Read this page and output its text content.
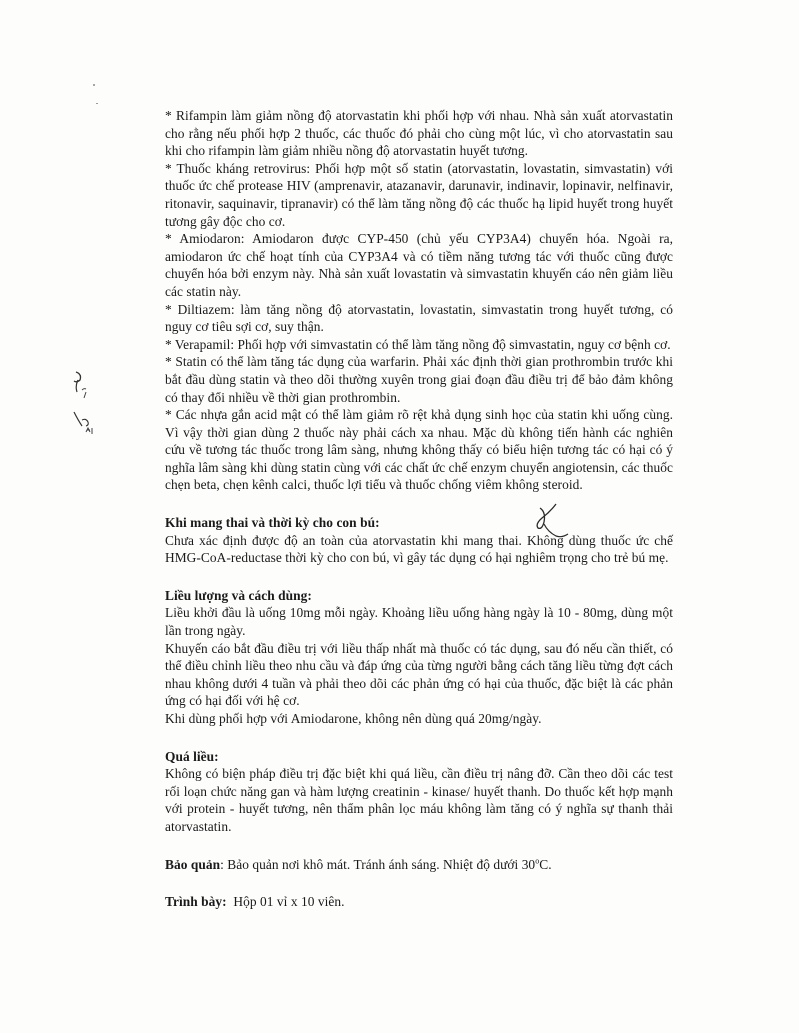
* Rifampin làm giảm nồng độ atorvastatin khi phối hợp với nhau. Nhà sản xuất atorvastatin cho rằng nếu phối hợp 2 thuốc, các thuốc đó phải cho cùng một lúc, vì cho atorvastatin sau khi cho rifampin làm giảm nhiều nồng độ atorvastatin huyết tương.

* Thuốc kháng retrovirus: Phối hợp một số statin (atorvastatin, lovastatin, simvastatin) với thuốc ức chế protease HIV (amprenavir, atazanavir, darunavir, indinavir, lopinavir, nelfinavir, ritonavir, saquinavir, tipranavir) có thể làm tăng nồng độ các thuốc hạ lipid huyết trong huyết tương gây độc cho cơ.

* Amiodaron: Amiodaron được CYP-450 (chủ yếu CYP3A4) chuyển hóa. Ngoài ra, amiodaron ức chế hoạt tính của CYP3A4 và có tiềm năng tương tác với thuốc cũng được chuyển hóa bởi enzym này. Nhà sản xuất lovastatin và simvastatin khuyến cáo nên giảm liều các statin này.

* Diltiazem: làm tăng nồng độ atorvastatin, lovastatin, simvastatin trong huyết tương, có nguy cơ tiêu sợi cơ, suy thận.

* Verapamil: Phối hợp với simvastatin có thể làm tăng nồng độ simvastatin, nguy cơ bệnh cơ.

* Statin có thể làm tăng tác dụng của warfarin. Phải xác định thời gian prothrombin trước khi bắt đầu dùng statin và theo dõi thường xuyên trong giai đoạn đầu điều trị để bảo đảm không có thay đổi nhiều về thời gian prothrombin.

* Các nhựa gắn acid mật có thể làm giảm rõ rệt khả dụng sinh học của statin khi uống cùng. Vì vậy thời gian dùng 2 thuốc này phải cách xa nhau. Mặc dù không tiến hành các nghiên cứu về tương tác thuốc trong lâm sàng, nhưng không thấy có biểu hiện tương tác có hại có ý nghĩa lâm sàng khi dùng statin cùng với các chất ức chế enzym chuyển angiotensin, các thuốc chẹn beta, chẹn kênh calci, thuốc lợi tiểu và thuốc chống viêm không steroid.

Khi mang thai và thời kỳ cho con bú:

Chưa xác định được độ an toàn của atorvastatin khi mang thai. Không dùng thuốc ức chế HMG-CoA-reductase thời kỳ cho con bú, vì gây tác dụng có hại nghiêm trọng cho trẻ bú mẹ.

Liều lượng và cách dùng:

Liều khởi đầu là uống 10mg mỗi ngày. Khoảng liều uống hàng ngày là 10 - 80mg, dùng một lần trong ngày.

Khuyến cáo bắt đầu điều trị với liều thấp nhất mà thuốc có tác dụng, sau đó nếu cần thiết, có thể điều chỉnh liều theo nhu cầu và đáp ứng của từng người bằng cách tăng liều từng đợt cách nhau không dưới 4 tuần và phải theo dõi các phản ứng có hại của thuốc, đặc biệt là các phản ứng có hại đối với hệ cơ.

Khi dùng phối hợp với Amiodarone, không nên dùng quá 20mg/ngày.

Quá liều:

Không có biện pháp điều trị đặc biệt khi quá liều, cần điều trị nâng đỡ. Cần theo dõi các test rối loạn chức năng gan và hàm lượng creatinin - kinase/ huyết thanh. Do thuốc kết hợp mạnh với protein - huyết tương, nên thẩm phân lọc máu không làm tăng có ý nghĩa sự thanh thải atorvastatin.

Bảo quản: Bảo quản nơi khô mát. Tránh ánh sáng. Nhiệt độ dưới 30$^o$C.

Trình bày:  Hộp 01 vỉ x 10 viên.
